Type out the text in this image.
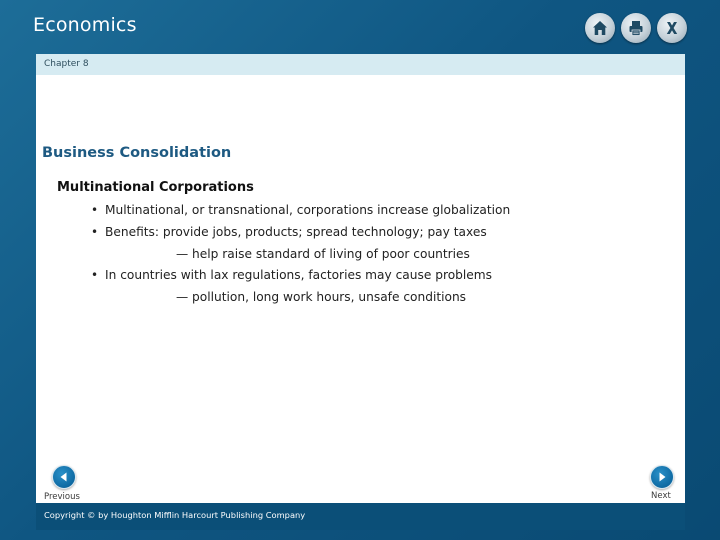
Economics
Chapter 8
Business Consolidation
Multinational Corporations
• Multinational, or transnational, corporations increase globalization
• Benefits: provide jobs, products; spread technology; pay taxes
— help raise standard of living of poor countries
• In countries with lax regulations, factories may cause problems
— pollution, long work hours, unsafe conditions
Previous	Next
Copyright © by Houghton Mifflin Harcourt Publishing Company
